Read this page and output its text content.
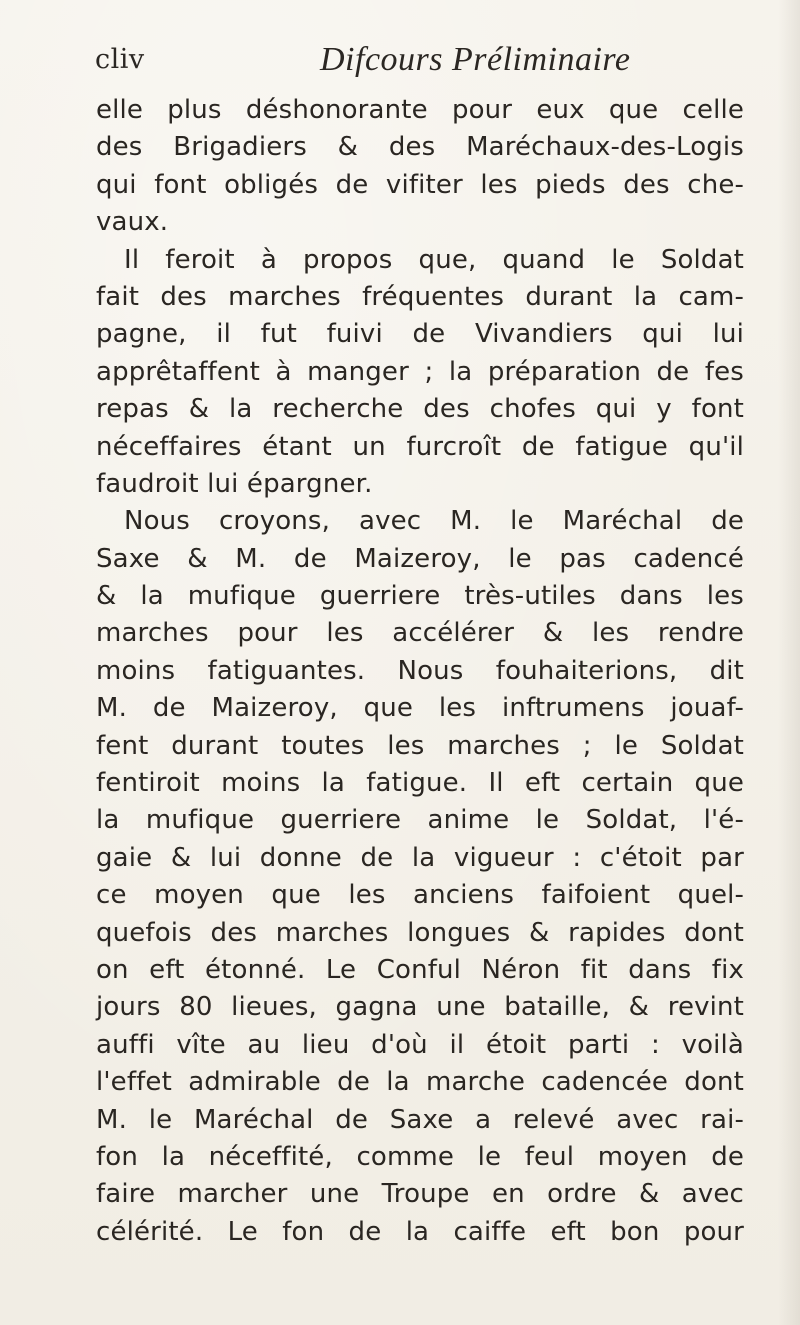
cliv	Difcours Préliminaire
elle plus déshonorante pour eux que celle
des Brigadiers & des Maréchaux-des-Logis
qui font obligés de vifiter les pieds des che-
vaux.
Il feroit à propos que, quand le Soldat
fait des marches fréquentes durant la cam-
pagne, il fut fuivi de Vivandiers qui lui
apprêtaffent à manger ; la préparation de fes
repas & la recherche des chofes qui y font
néceffaires étant un furcroît de fatigue qu'il
faudroit lui épargner.
Nous croyons, avec M. le Maréchal de
Saxe & M. de Maizeroy, le pas cadencé
& la mufique guerriere très-utiles dans les
marches pour les accélérer & les rendre
moins fatiguantes. Nous fouhaiterions, dit
M. de Maizeroy, que les inftrumens jouaf-
fent durant toutes les marches ; le Soldat
fentiroit moins la fatigue. Il eft certain que
la mufique guerriere anime le Soldat, l'é-
gaie & lui donne de la vigueur : c'étoit par
ce moyen que les anciens faifoient quel-
quefois des marches longues & rapides dont
on eft étonné. Le Conful Néron fit dans fix
jours 80 lieues, gagna une bataille, & revint
auffi vîte au lieu d'où il étoit parti : voilà
l'effet admirable de la marche cadencée dont
M. le Maréchal de Saxe a relevé avec rai-
fon la néceffité, comme le feul moyen de
faire marcher une Troupe en ordre & avec
célérité. Le fon de la caiffe eft bon pour
